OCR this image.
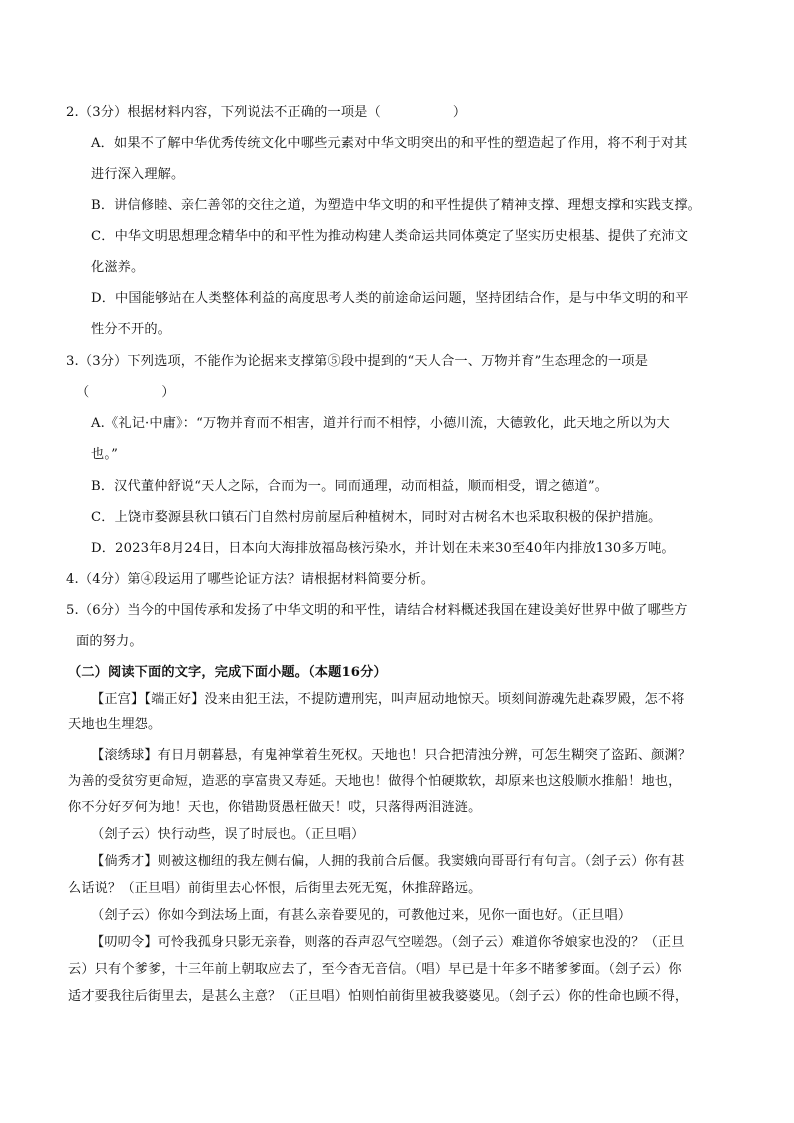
2.（3分）根据材料内容，下列说法不正确的一项是（	）
A．如果不了解中华优秀传统文化中哪些元素对中华文明突出的和平性的塑造起了作用，将不利于对其
进行深入理解。
B．讲信修睦、亲仁善邻的交往之道，为塑造中华文明的和平性提供了精神支撑、理想支撑和实践支撑。
C．中华文明思想理念精华中的和平性为推动构建人类命运共同体奠定了坚实历史根基、提供了充沛文
化滋养。
D．中国能够站在人类整体利益的高度思考人类的前途命运问题，坚持团结合作，是与中华文明的和平
性分不开的。
3.（3分）下列选项，不能作为论据来支撑第⑤段中提到的“天人合一、万物并育”生态理念的一项是
（	）
A.《礼记·中庸》：“万物并育而不相害，道并行而不相悖，小德川流，大德敦化，此天地之所以为大
也。”
B．汉代董仲舒说“天人之际，合而为一。同而通理，动而相益，顺而相受，谓之德道”。
C．上饶市婺源县秋口镇石门自然村房前屋后种植树木，同时对古树名木也采取积极的保护措施。
D．2023年8月24日，日本向大海排放福岛核污染水，并计划在未来30至40年内排放130多万吨。
4.（4分）第④段运用了哪些论证方法？请根据材料简要分析。
5.（6分）当今的中国传承和发扬了中华文明的和平性，请结合材料概述我国在建设美好世界中做了哪些方
面的努力。
（二）阅读下面的文字，完成下面小题。（本题16分）
【正宫】【端正好】没来由犯王法，不提防遭刑宪，叫声屈动地惊天。顷刻间游魂先赴森罗殿，怎不将
天地也生埋怨。
【滚绣球】有日月朝暮悬，有鬼神掌着生死权。天地也！只合把清浊分辨，可怎生糊突了盗跖、颜渊？
为善的受贫穷更命短，造恶的享富贵又寿延。天地也！做得个怕硬欺软，却原来也这般顺水推船！地也，
你不分好歹何为地！天也，你错勘贤愚枉做天！哎，只落得两泪涟涟。
（刽子云）快行动些，误了时辰也。（正旦唱）
【倘秀才】则被这枷纽的我左侧右偏，人拥的我前合后偃。我窦娥向哥哥行有句言。（刽子云）你有甚
么话说？（正旦唱）前街里去心怀恨，后街里去死无冤，休推辞路远。
（刽子云）你如今到法场上面，有甚么亲眷要见的，可教他过来，见你一面也好。（正旦唱）
【叨叨令】可怜我孤身只影无亲眷，则落的吞声忍气空嗟怨。（刽子云）难道你爷娘家也没的？（正旦
云）只有个爹爹，十三年前上朝取应去了，至今杳无音信。（唱）早已是十年多不睹爹爹面。（刽子云）你
适才要我往后街里去，是甚么主意？（正旦唱）怕则怕前街里被我婆婆见。（刽子云）你的性命也顾不得，
